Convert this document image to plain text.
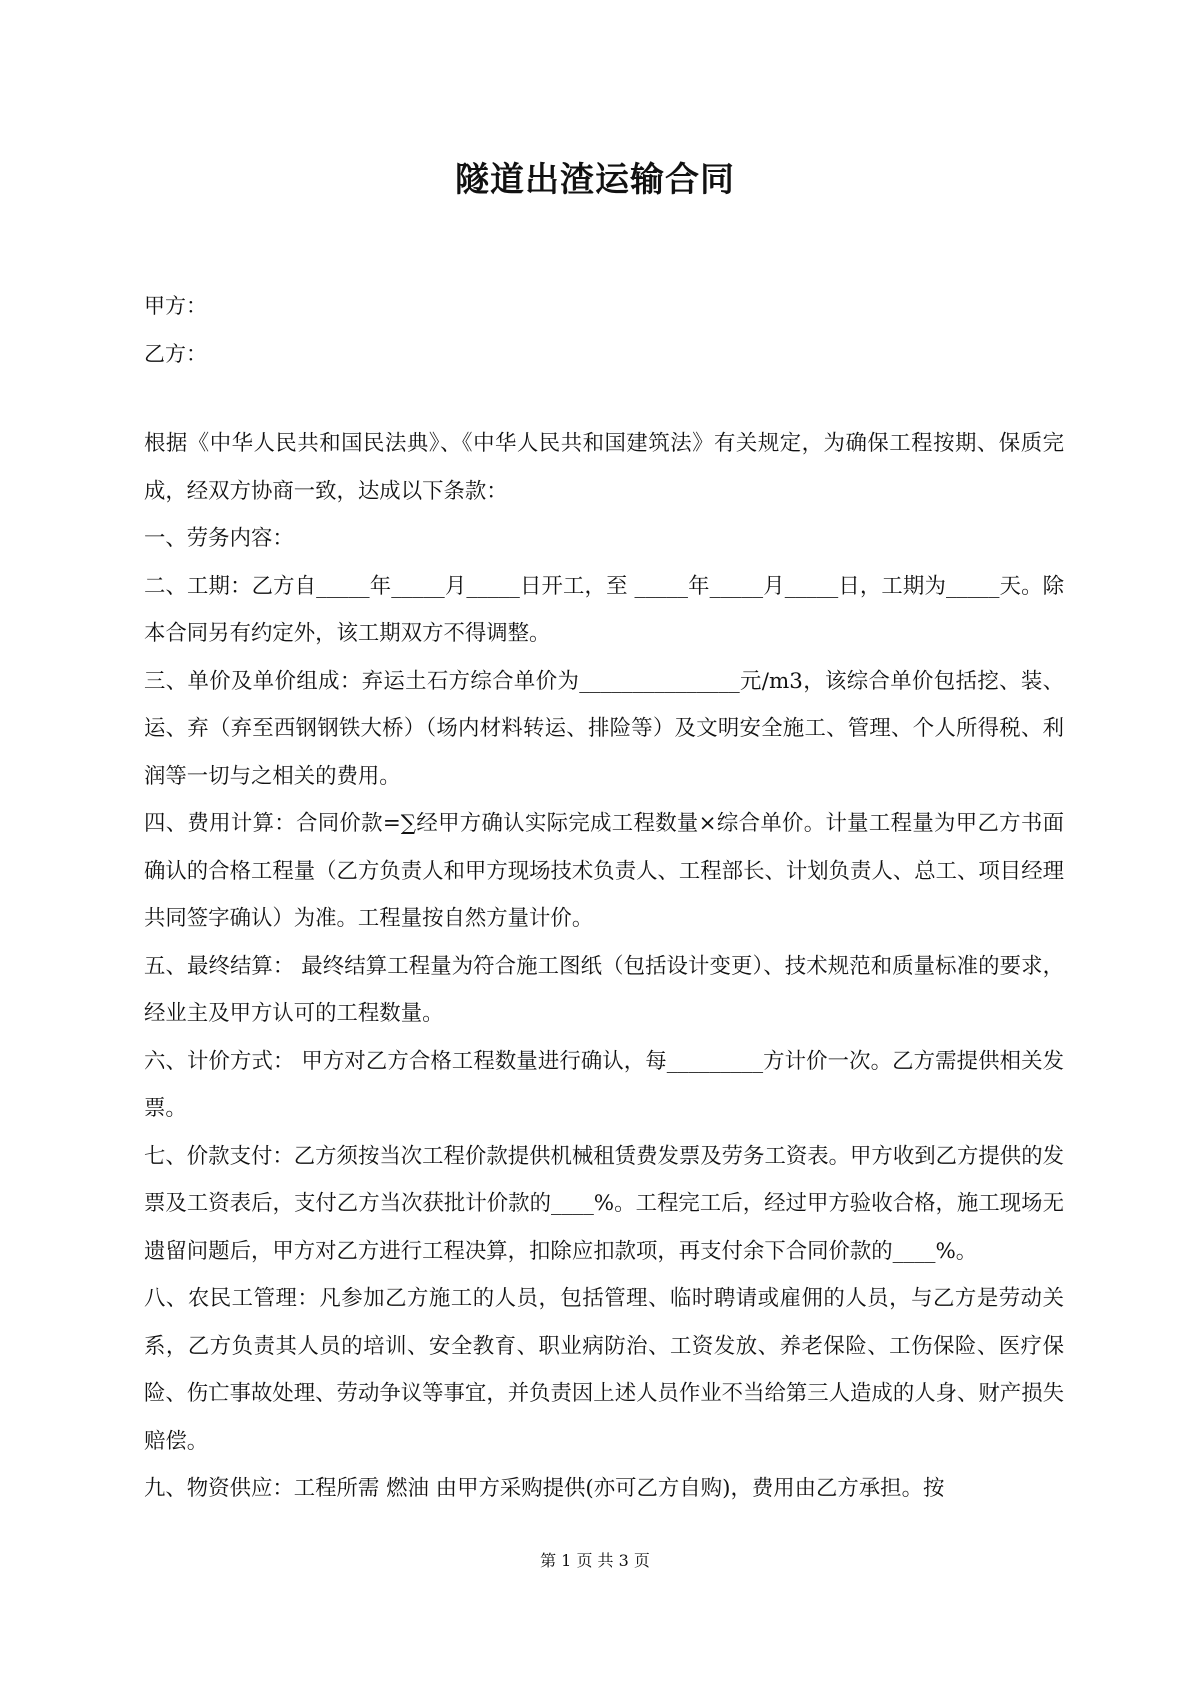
隧道出渣运输合同
甲方：
乙方：

根据《中华人民共和国民法典》、《中华人民共和国建筑法》有关规定，为确保工程按期、保质完成，经双方协商一致，达成以下条款：

一、劳务内容：

二、工期：乙方自_____年_____月_____日开工，至 _____年_____月_____日，工期为_____天。除本合同另有约定外，该工期双方不得调整。

三、单价及单价组成：弃运土石方综合单价为_______________元/m3，该综合单价包括挖、装、运、弃（弃至西钢钢铁大桥）（场内材料转运、排险等）及文明安全施工、管理、个人所得税、利润等一切与之相关的费用。

四、费用计算：合同价款=∑经甲方确认实际完成工程数量×综合单价。计量工程量为甲乙方书面确认的合格工程量（乙方负责人和甲方现场技术负责人、工程部长、计划负责人、总工、项目经理共同签字确认）为准。工程量按自然方量计价。

五、最终结算： 最终结算工程量为符合施工图纸（包括设计变更）、技术规范和质量标准的要求，经业主及甲方认可的工程数量。

六、计价方式： 甲方对乙方合格工程数量进行确认，每_________方计价一次。乙方需提供相关发票。

七、价款支付：乙方须按当次工程价款提供机械租赁费发票及劳务工资表。甲方收到乙方提供的发票及工资表后，支付乙方当次获批计价款的____%。工程完工后，经过甲方验收合格，施工现场无遗留问题后，甲方对乙方进行工程决算，扣除应扣款项，再支付余下合同价款的____%。

八、农民工管理：凡参加乙方施工的人员，包括管理、临时聘请或雇佣的人员，与乙方是劳动关系，乙方负责其人员的培训、安全教育、职业病防治、工资发放、养老保险、工伤保险、医疗保险、伤亡事故处理、劳动争议等事宜，并负责因上述人员作业不当给第三人造成的人身、财产损失赔偿。

九、物资供应：工程所需 燃油 由甲方采购提供(亦可乙方自购)，费用由乙方承担。按

第 1 页 共 3 页
